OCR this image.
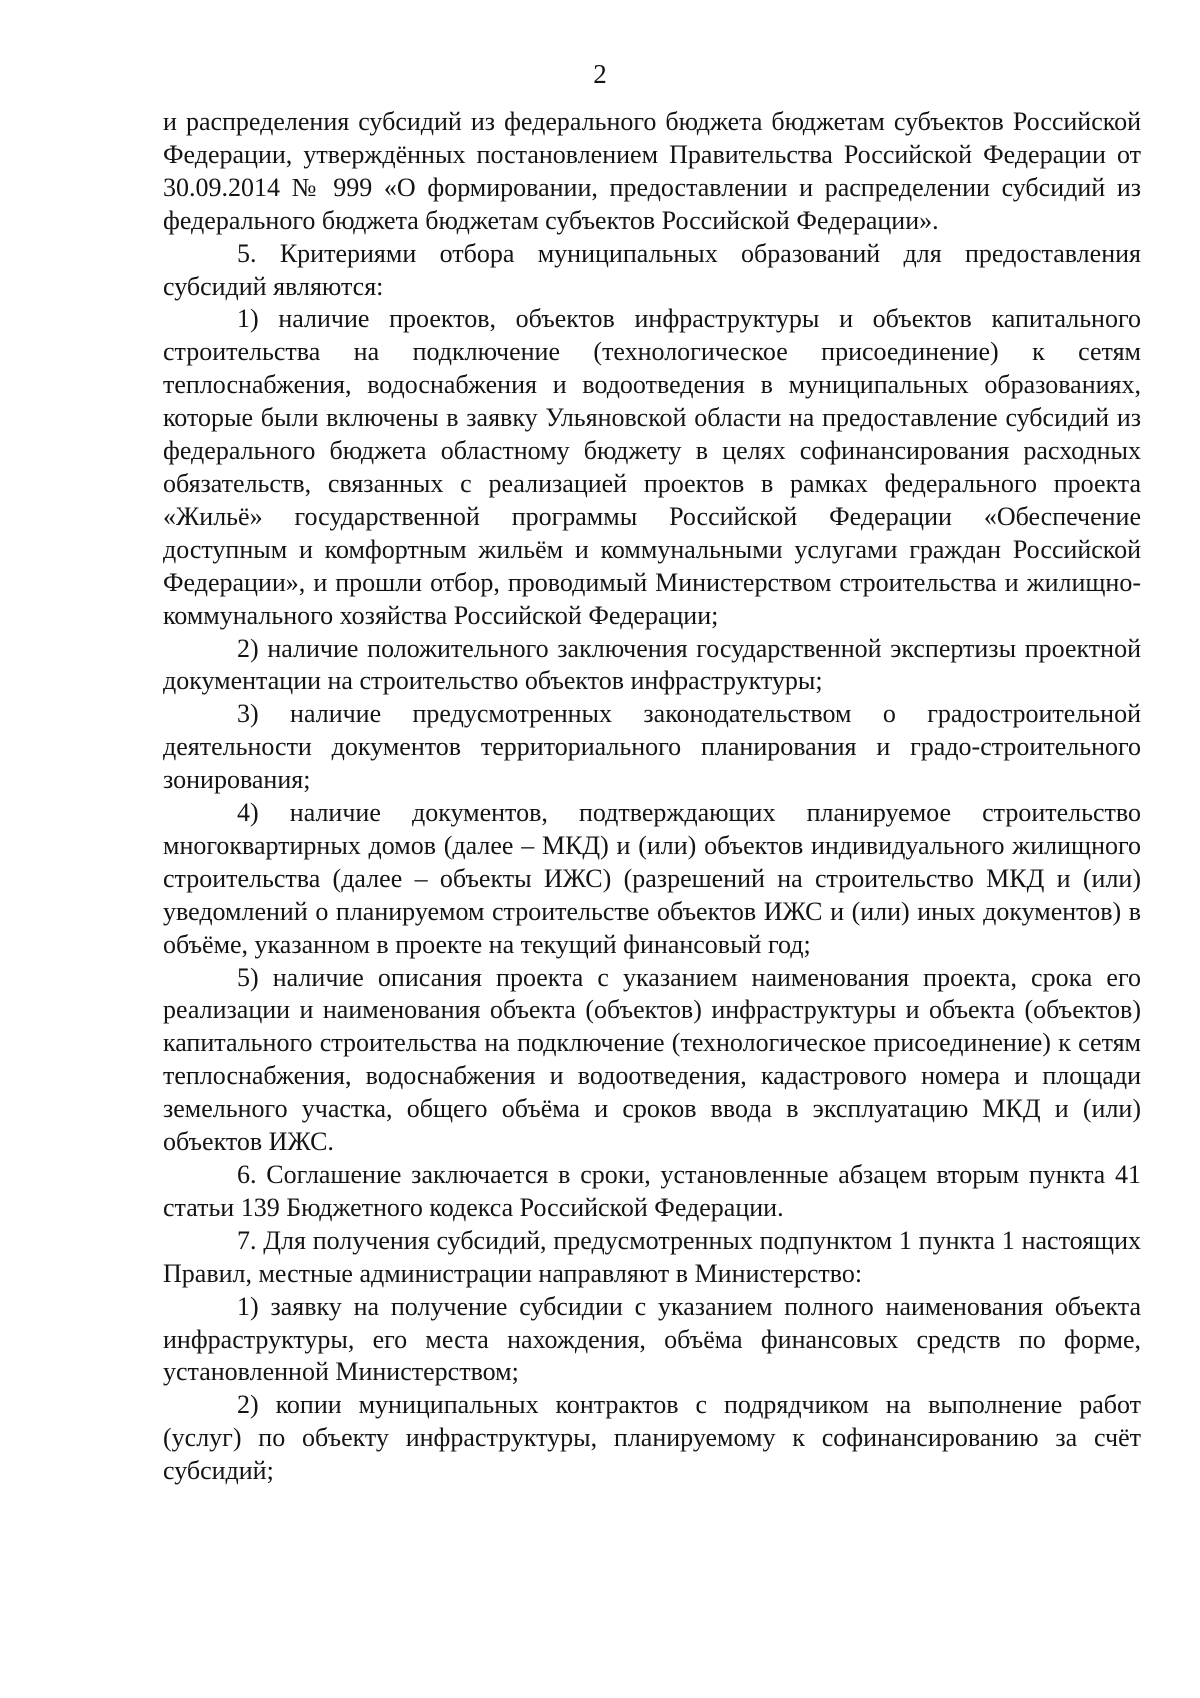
2

и распределения субсидий из федерального бюджета бюджетам субъектов Российской Федерации, утверждённых постановлением Правительства Российской Федерации от 30.09.2014 № 999 «О формировании, предоставлении и распределении субсидий из федерального бюджета бюджетам субъектов Российской Федерации».

5. Критериями отбора муниципальных образований для предоставления субсидий являются:

1) наличие проектов, объектов инфраструктуры и объектов капитального строительства на подключение (технологическое присоединение) к сетям теплоснабжения, водоснабжения и водоотведения в муниципальных образованиях, которые были включены в заявку Ульяновской области на предоставление субсидий из федерального бюджета областному бюджету в целях софинансирования расходных обязательств, связанных с реализацией проектов в рамках федерального проекта «Жильё» государственной программы Российской Федерации «Обеспечение доступным и комфортным жильём и коммунальными услугами граждан Российской Федерации», и прошли отбор, проводимый Министерством строительства и жилищно-коммунального хозяйства Российской Федерации;

2) наличие положительного заключения государственной экспертизы проектной документации на строительство объектов инфраструктуры;

3) наличие предусмотренных законодательством о градостроительной деятельности документов территориального планирования и градо-строительного зонирования;

4) наличие документов, подтверждающих планируемое строительство многоквартирных домов (далее – МКД) и (или) объектов индивидуального жилищного строительства (далее – объекты ИЖС) (разрешений на строительство МКД и (или) уведомлений о планируемом строительстве объектов ИЖС и (или) иных документов) в объёме, указанном в проекте на текущий финансовый год;

5) наличие описания проекта с указанием наименования проекта, срока его реализации и наименования объекта (объектов) инфраструктуры и объекта (объектов) капитального строительства на подключение (технологическое присоединение) к сетям теплоснабжения, водоснабжения и водоотведения, кадастрового номера и площади земельного участка, общего объёма и сроков ввода в эксплуатацию МКД и (или) объектов ИЖС.

6. Соглашение заключается в сроки, установленные абзацем вторым пункта 41 статьи 139 Бюджетного кодекса Российской Федерации.

7. Для получения субсидий, предусмотренных подпунктом 1 пункта 1 настоящих Правил, местные администрации направляют в Министерство:

1) заявку на получение субсидии с указанием полного наименования объекта инфраструктуры, его места нахождения, объёма финансовых средств по форме, установленной Министерством;

2) копии муниципальных контрактов с подрядчиком на выполнение работ (услуг) по объекту инфраструктуры, планируемому к софинансированию за счёт субсидий;
